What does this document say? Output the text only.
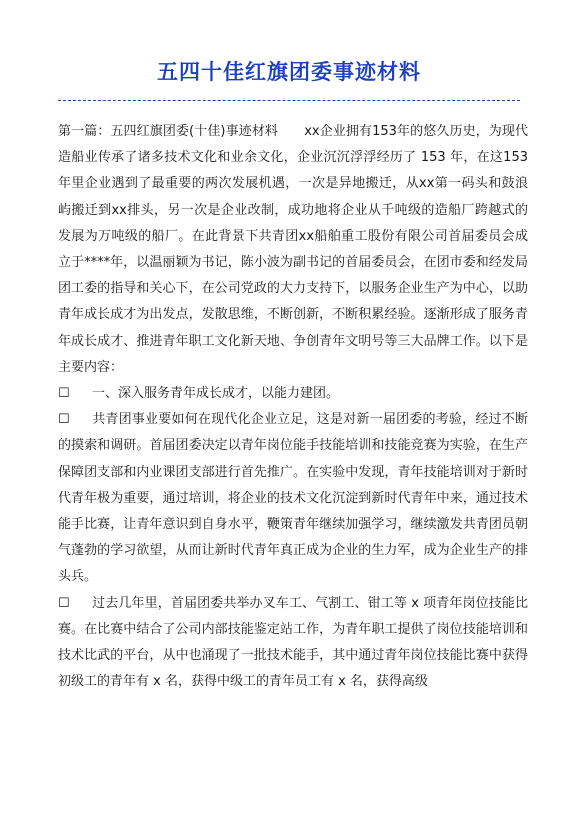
五四十佳红旗团委事迹材料

第一篇：五四红旗团委(十佳)事迹材料　　xx企业拥有153年的悠久历史，为现代造船业传承了诸多技术文化和业余文化，企业沉沉浮浮经历了 153 年，在这153年里企业遇到了最重要的两次发展机遇，一次是异地搬迁，从xx第一码头和鼓浪屿搬迁到xx排头，另一次是企业改制，成功地将企业从千吨级的造船厂跨越式的发展为万吨级的船厂。在此背景下共青团xx船舶重工股份有限公司首届委员会成立于****年，以温丽颖为书记，陈小波为副书记的首届委员会，在团市委和经发局团工委的指导和关心下，在公司党政的大力支持下，以服务企业生产为中心，以助青年成长成才为出发点，发散思维，不断创新，不断积累经验。逐渐形成了服务青年成长成才、推进青年职工文化新天地、争创青年文明号等三大品牌工作。以下是主要内容：

☐ 一、深入服务青年成长成才，以能力建团。

☐ 共青团事业要如何在现代化企业立足，这是对新一届团委的考验，经过不断的摸索和调研。首届团委决定以青年岗位能手技能培训和技能竞赛为实验，在生产保障团支部和内业课团支部进行首先推广。在实验中发现，青年技能培训对于新时代青年极为重要，通过培训，将企业的技术文化沉淀到新时代青年中来，通过技术能手比赛，让青年意识到自身水平，鞭策青年继续加强学习，继续激发共青团员朝气蓬勃的学习欲望，从而让新时代青年真正成为企业的生力军，成为企业生产的排头兵。

☐ 过去几年里，首届团委共举办叉车工、气割工、钳工等 x 项青年岗位技能比赛。在比赛中结合了公司内部技能鉴定站工作，为青年职工提供了岗位技能培训和技术比武的平台，从中也涌现了一批技术能手，其中通过青年岗位技能比赛中获得初级工的青年有 x 名，获得中级工的青年员工有 x 名，获得高级
